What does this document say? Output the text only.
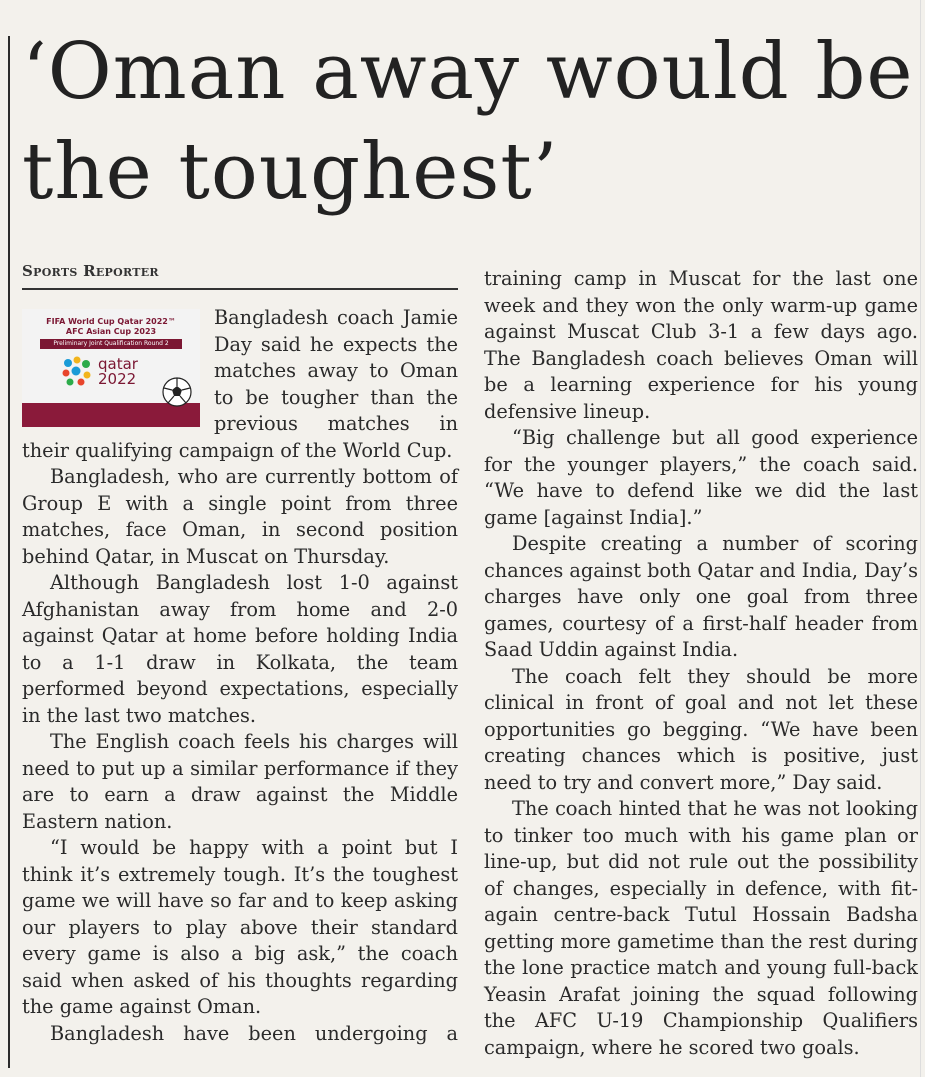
‘Oman away would be the toughest’
Sports Reporter
FIFA World Cup Qatar 2022™
AFC Asian Cup 2023
Preliminary Joint Qualification Round 2
qatar
2022

Bangladesh coach Jamie Day said he expects the matches away to Oman to be tougher than the previous matches in their qualifying campaign of the World Cup.

Bangladesh, who are currently bottom of Group E with a single point from three matches, face Oman, in second position behind Qatar, in Muscat on Thursday.

Although Bangladesh lost 1-0 against Afghanistan away from home and 2-0 against Qatar at home before holding India to a 1-1 draw in Kolkata, the team performed beyond expectations, especially in the last two matches.

The English coach feels his charges will need to put up a similar performance if they are to earn a draw against the Middle Eastern nation.

“I would be happy with a point but I think it’s extremely tough. It’s the toughest game we will have so far and to keep asking our players to play above their standard every game is also a big ask,” the coach said when asked of his thoughts regarding the game against Oman.

Bangladesh have been undergoing a

training camp in Muscat for the last one week and they won the only warm-up game against Muscat Club 3-1 a few days ago. The Bangladesh coach believes Oman will be a learning experience for his young defensive lineup.

“Big challenge but all good experience for the younger players,” the coach said. “We have to defend like we did the last game [against India].”

Despite creating a number of scoring chances against both Qatar and India, Day’s charges have only one goal from three games, courtesy of a first-half header from Saad Uddin against India.

The coach felt they should be more clinical in front of goal and not let these opportunities go begging. “We have been creating chances which is positive, just need to try and convert more,” Day said.

The coach hinted that he was not looking to tinker too much with his game plan or line-up, but did not rule out the possibility of changes, especially in defence, with fit-again centre-back Tutul Hossain Badsha getting more gametime than the rest during the lone practice match and young full-back Yeasin Arafat joining the squad following the AFC U-19 Championship Qualifiers campaign, where he scored two goals.
